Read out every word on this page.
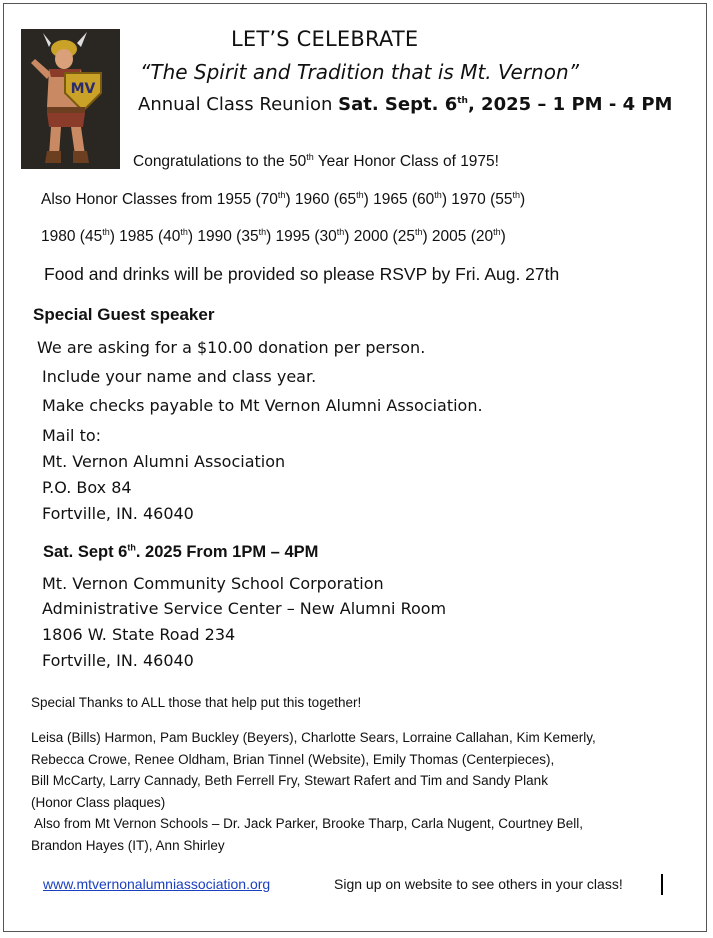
MV
LET’S CELEBRATE
“The Spirit and Tradition that is Mt. Vernon”
Annual Class Reunion Sat. Sept. 6th, 2025 – 1 PM - 4 PM
Congratulations to the 50th Year Honor Class of 1975!
Also Honor Classes from 1955 (70th) 1960 (65th) 1965 (60th) 1970 (55th)
1980 (45th) 1985 (40th) 1990 (35th) 1995 (30th) 2000 (25th) 2005 (20th)
Food and drinks will be provided so please RSVP by Fri. Aug. 27th
Special Guest speaker
We are asking for a $10.00 donation per person.
Include your name and class year.
Make checks payable to Mt Vernon Alumni Association.
Mail to:
Mt. Vernon Alumni Association
P.O. Box 84
Fortville, IN. 46040
Sat. Sept 6th. 2025 From 1PM – 4PM
Mt. Vernon Community School Corporation
Administrative Service Center – New Alumni Room
1806 W. State Road 234
Fortville, IN. 46040
Special Thanks to ALL those that help put this together!
Leisa (Bills) Harmon, Pam Buckley (Beyers), Charlotte Sears, Lorraine Callahan, Kim Kemerly,
Rebecca Crowe, Renee Oldham, Brian Tinnel (Website), Emily Thomas (Centerpieces),
Bill McCarty, Larry Cannady, Beth Ferrell Fry, Stewart Rafert and Tim and Sandy Plank
(Honor Class plaques)
Also from Mt Vernon Schools – Dr. Jack Parker, Brooke Tharp, Carla Nugent, Courtney Bell,
Brandon Hayes (IT), Ann Shirley
www.mtvernonalumniassociation.org	Sign up on website to see others in your class!
